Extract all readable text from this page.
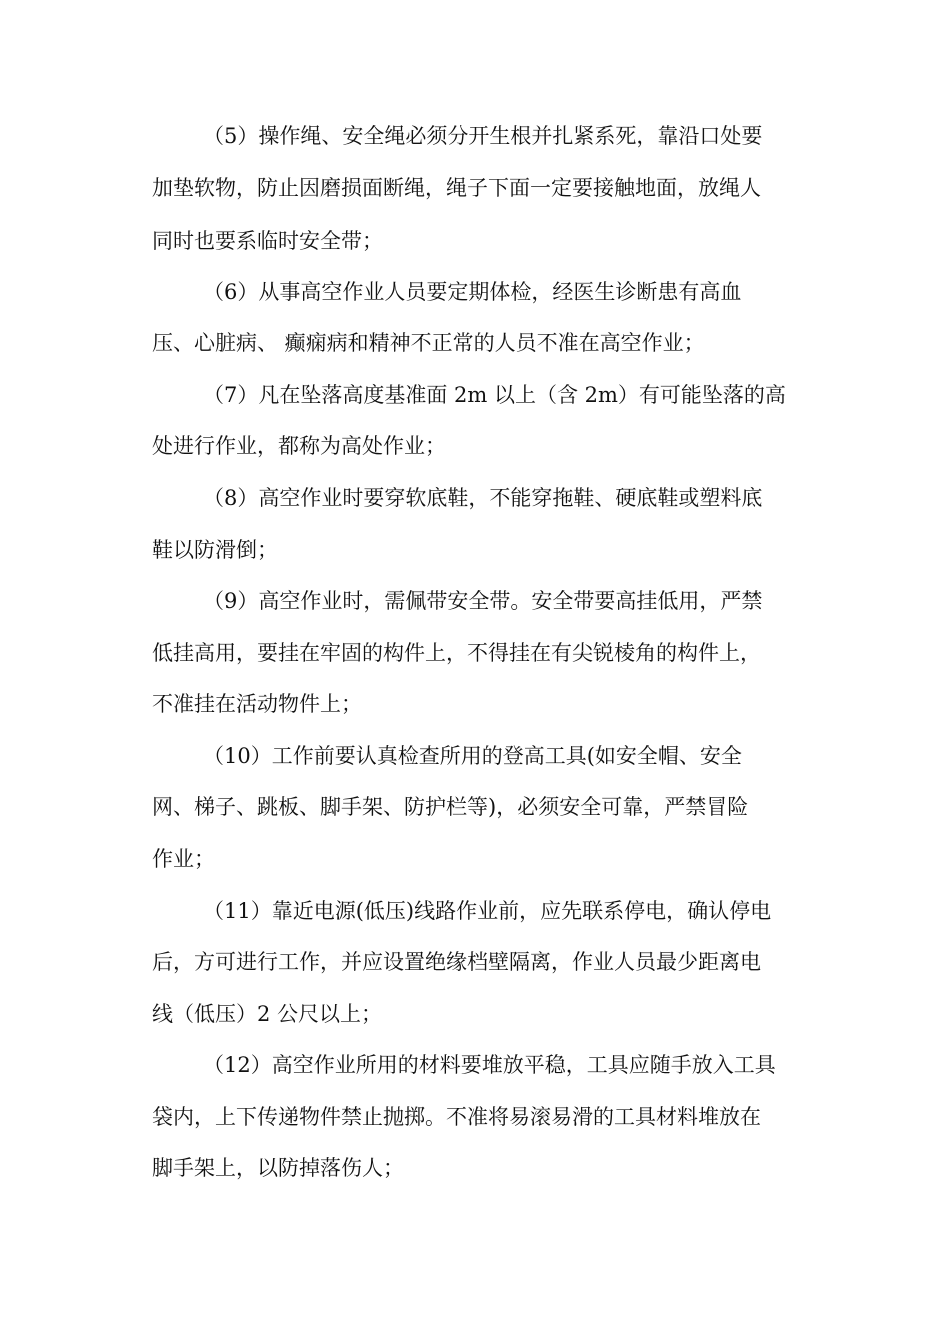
（5）操作绳、安全绳必须分开生根并扎紧系死，靠沿口处要
加垫软物，防止因磨损面断绳，绳子下面一定要接触地面，放绳人
同时也要系临时安全带；
（6）从事高空作业人员要定期体检，经医生诊断患有高血
压、心脏病、 癫痫病和精神不正常的人员不准在高空作业；
（7）凡在坠落高度基准面 2m 以上（含 2m）有可能坠落的高
处进行作业，都称为高处作业；
（8）高空作业时要穿软底鞋，不能穿拖鞋、硬底鞋或塑料底
鞋以防滑倒；
（9）高空作业时，需佩带安全带。安全带要高挂低用，严禁
低挂高用，要挂在牢固的构件上，不得挂在有尖锐棱角的构件上，
不准挂在活动物件上；
（10）工作前要认真检查所用的登高工具(如安全帽、安全
网、梯子、跳板、脚手架、防护栏等)，必须安全可靠，严禁冒险
作业；
（11）靠近电源(低压)线路作业前，应先联系停电，确认停电
后，方可进行工作，并应设置绝缘档壁隔离，作业人员最少距离电
线（低压）2 公尺以上；
（12）高空作业所用的材料要堆放平稳，工具应随手放入工具
袋内，上下传递物件禁止抛掷。不准将易滚易滑的工具材料堆放在
脚手架上，以防掉落伤人；
